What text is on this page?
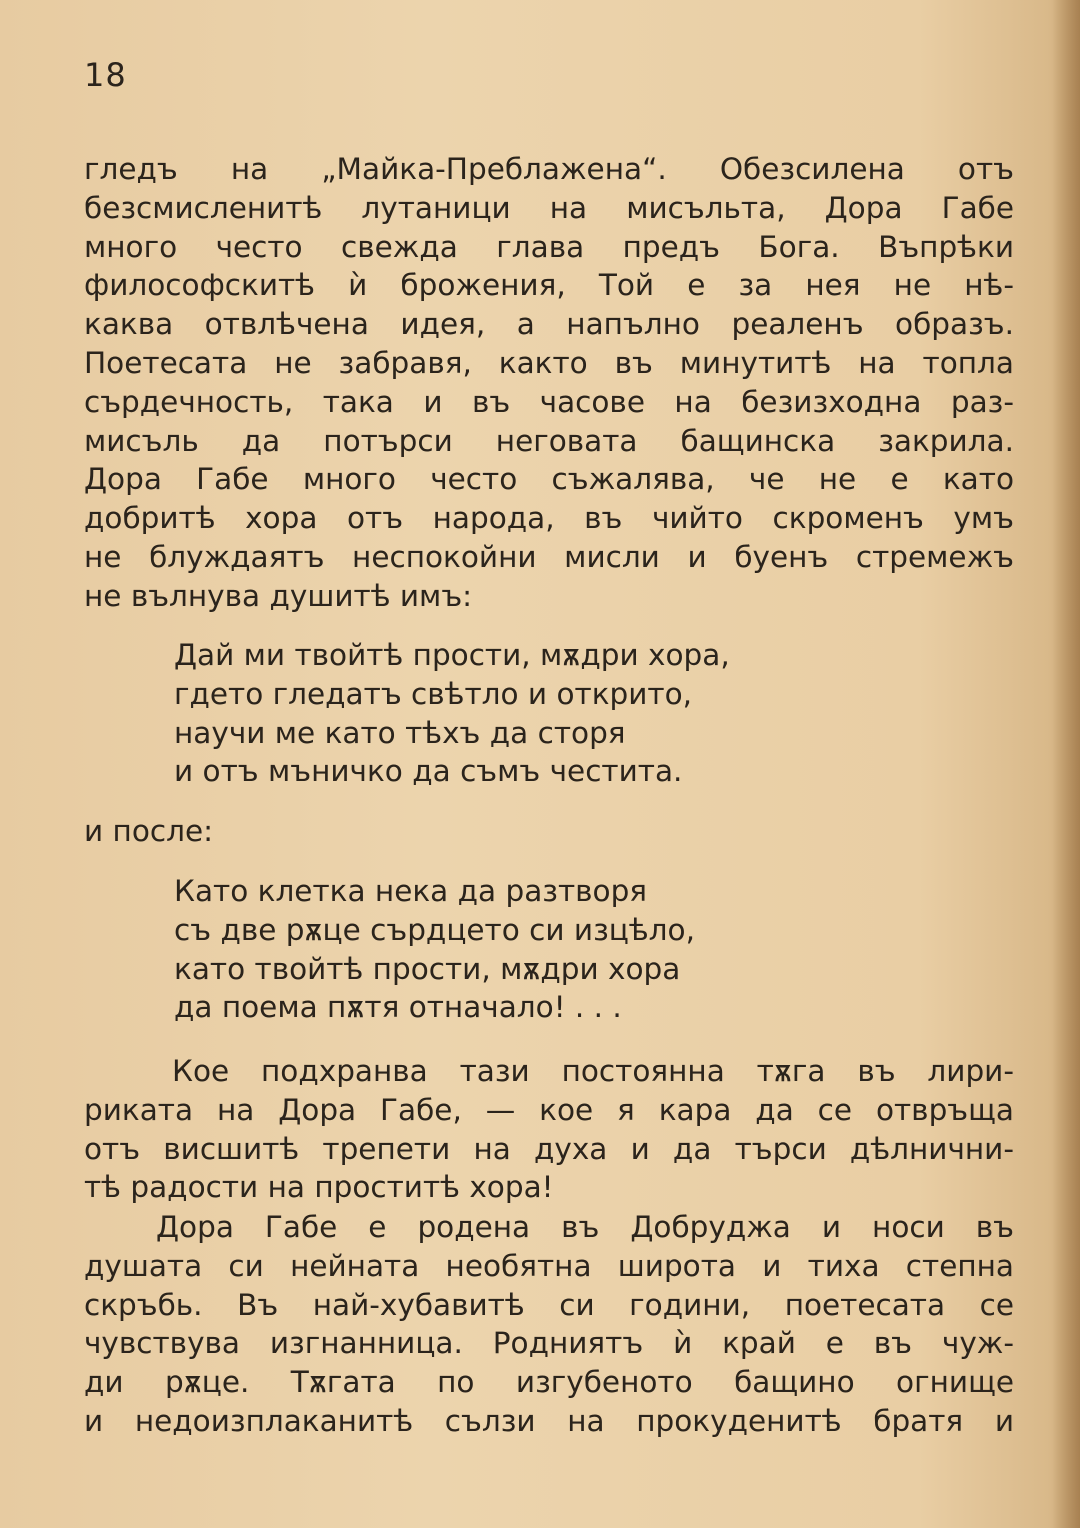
18
гледъ на „Майка-Преблажена“. Обезсилена отъ
безсмисленитѣ лутаници на мисъльта, Дора Габе
много често свежда глава предъ Бога. Въпрѣки
философскитѣ ѝ брожения, Той е за нея не нѣ-
каква отвлѣчена идея, а напълно реаленъ образъ.
Поетесата не забравя, както въ минутитѣ на топла
сърдечность, така и въ часове на безизходна раз-
мисъль да потърси неговата бащинска закрила.
Дора Габе много често съжалява, че не е като
добритѣ хора отъ народа, въ чийто скроменъ умъ
не блуждаятъ неспокойни мисли и буенъ стремежъ
не вълнува душитѣ имъ:
Дай ми твойтѣ прости, мѫдри хора,
гдето гледатъ свѣтло и открито,
научи ме като тѣхъ да сторя
и отъ мъничко да съмъ честита.
и после:
Като клетка нека да разтворя
съ две рѫце сърдцето си изцѣло,
като твойтѣ прости, мѫдри хора
да поема пѫтя отначало! . . .
Кое подхранва тази постоянна тѫга въ лири-
риката на Дора Габе, — кое я кара да се отвръща
отъ висшитѣ трепети на духа и да търси дѣлнични-
тѣ радости на проститѣ хора!
Дора Габе е родена въ Добруджа и носи въ
душата си нейната необятна широта и тиха степна
скръбь. Въ най-хубавитѣ си години, поетесата се
чувствува изгнанница. Родниятъ ѝ край е въ чуж-
ди рѫце. Тѫгата по изгубеното бащино огнище
и недоизплаканитѣ сълзи на прокуденитѣ братя и
